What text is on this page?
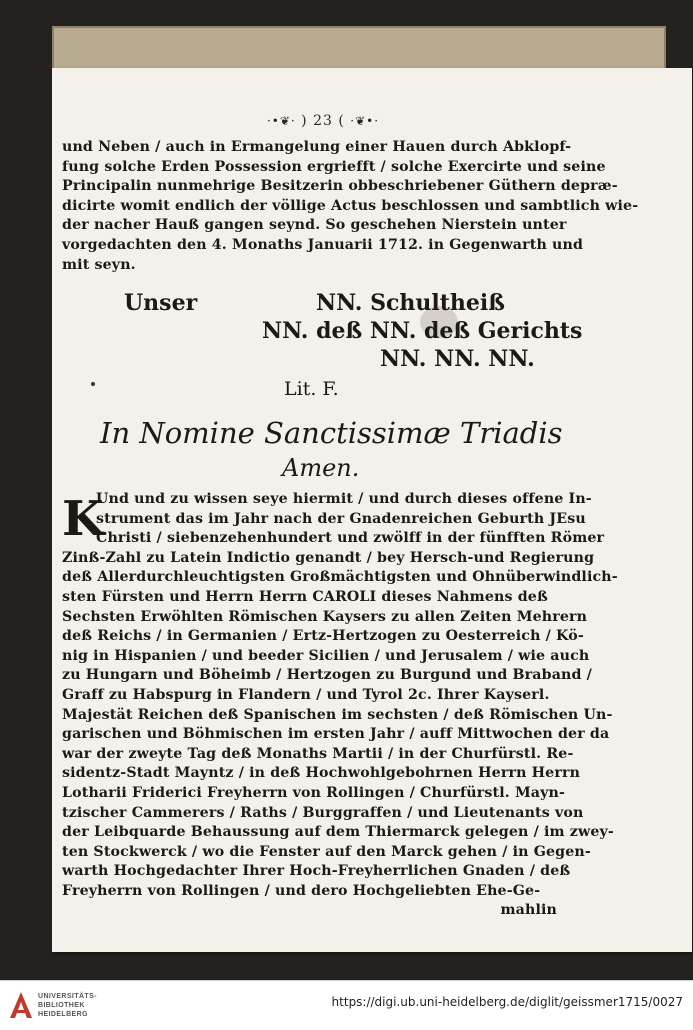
·•❦· ) 23 ( ·❦•·
und Neben / auch in Ermangelung einer Hauen durch Abklopf-
fung solche Erden Possession ergriefft / solche Exercirte und seine
Principalin nunmehrige Besitzerin obbeschriebener Güthern depræ-
dicirte womit endlich der völlige Actus beschlossen und sambtlich wie-
der nacher Hauß gangen seynd. So geschehen Nierstein unter
vorgedachten den 4. Monaths Januarii 1712. in Gegenwarth und
mit seyn.
Unser	NN. Schultheiß
NN. deß NN. deß Gerichts
NN. NN. NN.
Lit. F.
In Nomine Sanctissimæ Triadis
Amen.
K
Und und zu wissen seye hiermit / und durch dieses offene In-
strument das im Jahr nach der Gnadenreichen Geburth JEsu
Christi / siebenzehenhundert und zwölff in der fünfften Römer
Zinß-Zahl zu Latein Indictio genandt / bey Hersch-und Regierung
deß Allerdurchleuchtigsten Großmächtigsten und Ohnüberwindlich-
sten Fürsten und Herrn Herrn CAROLI dieses Nahmens deß
Sechsten Erwöhlten Römischen Kaysers zu allen Zeiten Mehrern
deß Reichs / in Germanien / Ertz-Hertzogen zu Oesterreich / Kö-
nig in Hispanien / und beeder Sicilien / und Jerusalem / wie auch
zu Hungarn und Böheimb / Hertzogen zu Burgund und Braband /
Graff zu Habspurg in Flandern / und Tyrol 2c. Ihrer Kayserl.
Majestät Reichen deß Spanischen im sechsten / deß Römischen Un-
garischen und Böhmischen im ersten Jahr / auff Mittwochen der da
war der zweyte Tag deß Monaths Martii / in der Churfürstl. Re-
sidentz-Stadt Mayntz / in deß Hochwohlgebohrnen Herrn Herrn
Lotharii Friderici Freyherrn von Rollingen / Churfürstl. Mayn-
tzischer Cammerers / Raths / Burggraffen / und Lieutenants von
der Leibquarde Behaussung auf dem Thiermarck gelegen / im zwey-
ten Stockwerck / wo die Fenster auf den Marck gehen / in Gegen-
warth Hochgedachter Ihrer Hoch-Freyherrlichen Gnaden / deß
Freyherrn von Rollingen / und dero Hochgeliebten Ehe-Ge-
mahlin
UNIVERSITÄTS-
BIBLIOTHEK
HEIDELBERG
https://digi.ub.uni-heidelberg.de/diglit/geissmer1715/0027
